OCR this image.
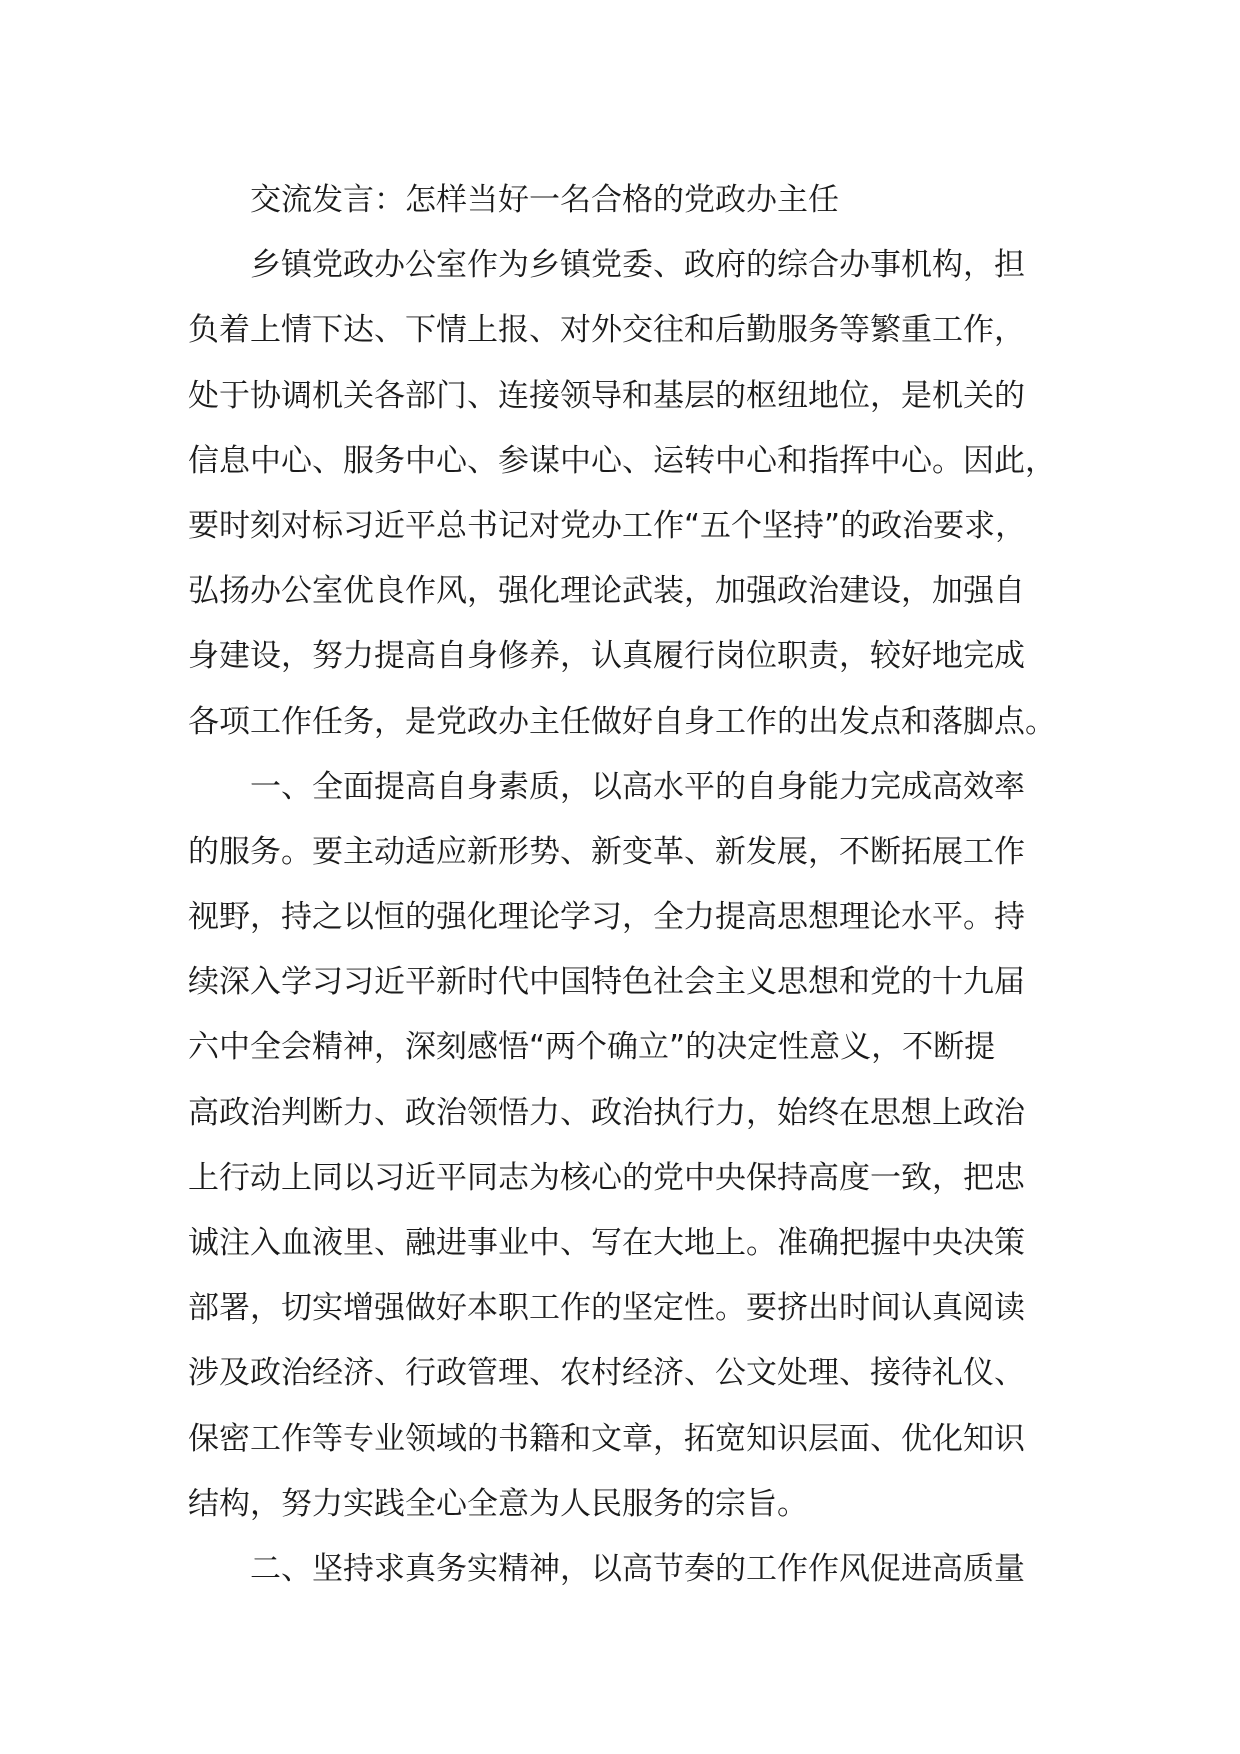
交流发言：怎样当好一名合格的党政办主任
乡镇党政办公室作为乡镇党委、政府的综合办事机构，担
负着上情下达、下情上报、对外交往和后勤服务等繁重工作，
处于协调机关各部门、连接领导和基层的枢纽地位，是机关的
信息中心、服务中心、参谋中心、运转中心和指挥中心。因此，
要时刻对标习近平总书记对党办工作“五个坚持”的政治要求，
弘扬办公室优良作风，强化理论武装，加强政治建设，加强自
身建设，努力提高自身修养，认真履行岗位职责，较好地完成
各项工作任务，是党政办主任做好自身工作的出发点和落脚点。
一、全面提高自身素质，以高水平的自身能力完成高效率
的服务。要主动适应新形势、新变革、新发展，不断拓展工作
视野，持之以恒的强化理论学习，全力提高思想理论水平。持
续深入学习习近平新时代中国特色社会主义思想和党的十九届
六中全会精神，深刻感悟“两个确立”的决定性意义，不断提
高政治判断力、政治领悟力、政治执行力，始终在思想上政治
上行动上同以习近平同志为核心的党中央保持高度一致，把忠
诚注入血液里、融进事业中、写在大地上。准确把握中央决策
部署，切实增强做好本职工作的坚定性。要挤出时间认真阅读
涉及政治经济、行政管理、农村经济、公文处理、接待礼仪、
保密工作等专业领域的书籍和文章，拓宽知识层面、优化知识
结构，努力实践全心全意为人民服务的宗旨。
二、坚持求真务实精神，以高节奏的工作作风促进高质量
